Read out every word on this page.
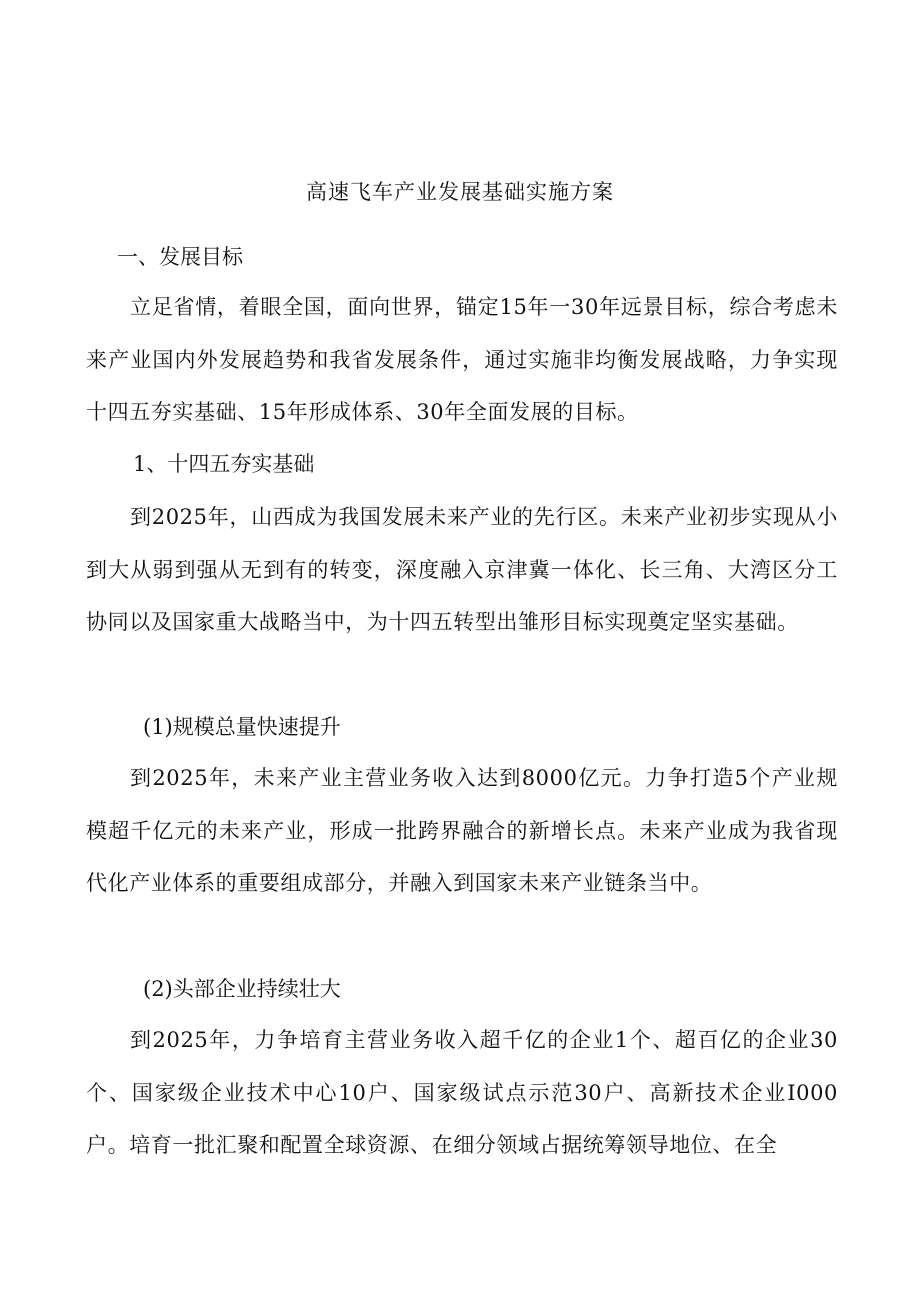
高速飞车产业发展基础实施方案
一、发展目标

立足省情，着眼全国，面向世界，锚定15年一30年远景目标，综合考虑未来产业国内外发展趋势和我省发展条件，通过实施非均衡发展战略，力争实现十四五夯实基础、15年形成体系、30年全面发展的目标。

1、十四五夯实基础

到2025年，山西成为我国发展未来产业的先行区。未来产业初步实现从小到大从弱到强从无到有的转变，深度融入京津冀一体化、长三角、大湾区分工协同以及国家重大战略当中，为十四五转型出雏形目标实现奠定坚实基础。

(1)规模总量快速提升

到2025年，未来产业主营业务收入达到8000亿元。力争打造5个产业规模超千亿元的未来产业，形成一批跨界融合的新增长点。未来产业成为我省现代化产业体系的重要组成部分，并融入到国家未来产业链条当中。

(2)头部企业持续壮大

到2025年，力争培育主营业务收入超千亿的企业1个、超百亿的企业30个、国家级企业技术中心10户、国家级试点示范30户、高新技术企业I000户。培育一批汇聚和配置全球资源、在细分领域占据统筹领导地位、在全
